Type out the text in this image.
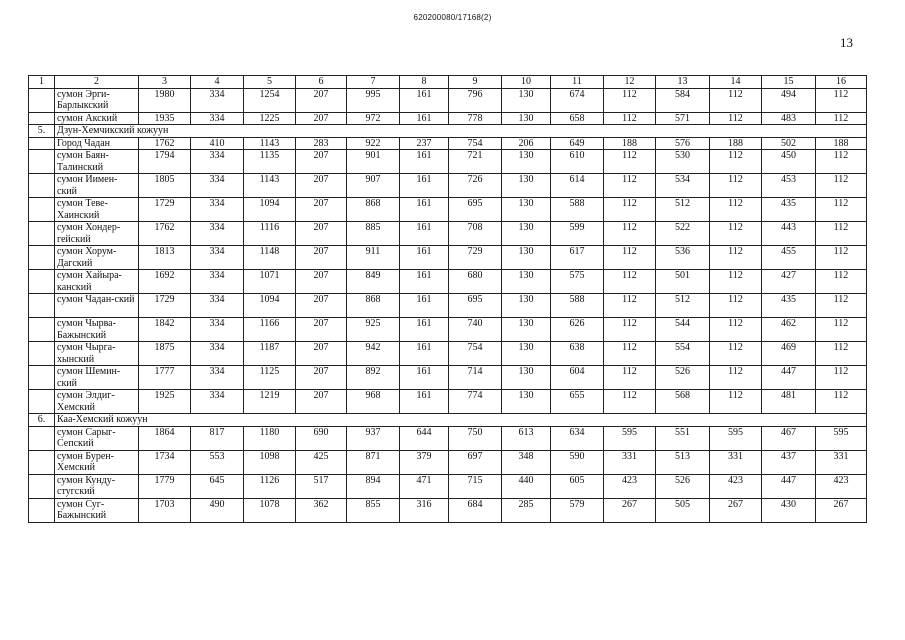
620200080/17168(2)
13
1	2	3	4	5	6	7	8	9	10	11	12	13	14	15	16
	сумон Эрги-Барлыкский	1980	334	1254	207	995	161	796	130	674	112	584	112	494	112
	сумон Акский	1935	334	1225	207	972	161	778	130	658	112	571	112	483	112
5.	Дзун-Хемчикский кожуун														
	Город Чадан	1762	410	1143	283	922	237	754	206	649	188	576	188	502	188
	сумон Баян-Талинский	1794	334	1135	207	901	161	721	130	610	112	530	112	450	112
	сумон Иимен-ский	1805	334	1143	207	907	161	726	130	614	112	534	112	453	112
	сумон Теве-Хаинский	1729	334	1094	207	868	161	695	130	588	112	512	112	435	112
	сумон Хондер-гейский	1762	334	1116	207	885	161	708	130	599	112	522	112	443	112
	сумон Хорум-Дагский	1813	334	1148	207	911	161	729	130	617	112	536	112	455	112
	сумон Хайыра-канский	1692	334	1071	207	849	161	680	130	575	112	501	112	427	112
	сумон Чадан-ский	1729	334	1094	207	868	161	695	130	588	112	512	112	435	112
	сумон Чырва-Бажынский	1842	334	1166	207	925	161	740	130	626	112	544	112	462	112
	сумон Чырга-хынский	1875	334	1187	207	942	161	754	130	638	112	554	112	469	112
	сумон Шемин-ский	1777	334	1125	207	892	161	714	130	604	112	526	112	447	112
	сумон Элдиг-Хемский	1925	334	1219	207	968	161	774	130	655	112	568	112	481	112
6.	Каа-Хемский кожуун														
	сумон Сарыг-Сепский	1864	817	1180	690	937	644	750	613	634	595	551	595	467	595
	сумон Бурен-Хемский	1734	553	1098	425	871	379	697	348	590	331	513	331	437	331
	сумон Кунду-стугский	1779	645	1126	517	894	471	715	440	605	423	526	423	447	423
	сумон Суг-Бажынский	1703	490	1078	362	855	316	684	285	579	267	505	267	430	267
